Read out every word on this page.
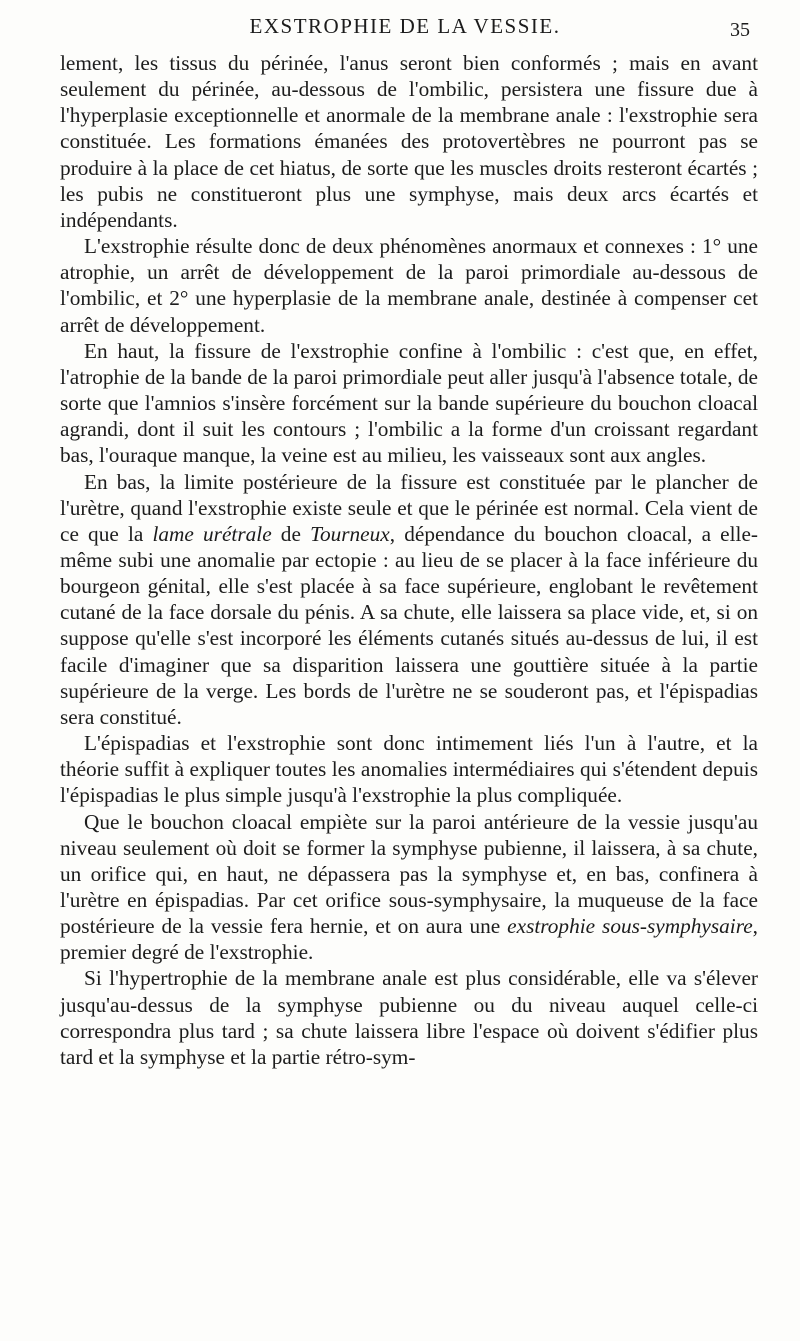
EXSTROPHIE DE LA VESSIE.	35

lement, les tissus du périnée, l'anus seront bien conformés ; mais en avant seulement du périnée, au-dessous de l'ombilic, persistera une fissure due à l'hyperplasie exceptionnelle et anormale de la membrane anale : l'exstrophie sera constituée. Les formations émanées des protovertèbres ne pourront pas se produire à la place de cet hiatus, de sorte que les muscles droits resteront écartés ; les pubis ne constitueront plus une symphyse, mais deux arcs écartés et indépendants.

L'exstrophie résulte donc de deux phénomènes anormaux et connexes : 1° une atrophie, un arrêt de développement de la paroi primordiale au-dessous de l'ombilic, et 2° une hyperplasie de la membrane anale, destinée à compenser cet arrêt de développement.

En haut, la fissure de l'exstrophie confine à l'ombilic : c'est que, en effet, l'atrophie de la bande de la paroi primordiale peut aller jusqu'à l'absence totale, de sorte que l'amnios s'insère forcément sur la bande supérieure du bouchon cloacal agrandi, dont il suit les contours ; l'ombilic a la forme d'un croissant regardant bas, l'ouraque manque, la veine est au milieu, les vaisseaux sont aux angles.

En bas, la limite postérieure de la fissure est constituée par le plancher de l'urètre, quand l'exstrophie existe seule et que le périnée est normal. Cela vient de ce que la lame urétrale de Tourneux, dépendance du bouchon cloacal, a elle-même subi une anomalie par ectopie : au lieu de se placer à la face inférieure du bourgeon génital, elle s'est placée à sa face supérieure, englobant le revêtement cutané de la face dorsale du pénis. A sa chute, elle laissera sa place vide, et, si on suppose qu'elle s'est incorporé les éléments cutanés situés au-dessus de lui, il est facile d'imaginer que sa disparition laissera une gouttière située à la partie supérieure de la verge. Les bords de l'urètre ne se souderont pas, et l'épispadias sera constitué.

L'épispadias et l'exstrophie sont donc intimement liés l'un à l'autre, et la théorie suffit à expliquer toutes les anomalies intermédiaires qui s'étendent depuis l'épispadias le plus simple jusqu'à l'exstrophie la plus compliquée.

Que le bouchon cloacal empiète sur la paroi antérieure de la vessie jusqu'au niveau seulement où doit se former la symphyse pubienne, il laissera, à sa chute, un orifice qui, en haut, ne dépassera pas la symphyse et, en bas, confinera à l'urètre en épispadias. Par cet orifice sous-symphysaire, la muqueuse de la face postérieure de la vessie fera hernie, et on aura une exstrophie sous-symphysaire, premier degré de l'exstrophie.

Si l'hypertrophie de la membrane anale est plus considérable, elle va s'élever jusqu'au-dessus de la symphyse pubienne ou du niveau auquel celle-ci correspondra plus tard ; sa chute laissera libre l'espace où doivent s'édifier plus tard et la symphyse et la partie rétro-sym-
